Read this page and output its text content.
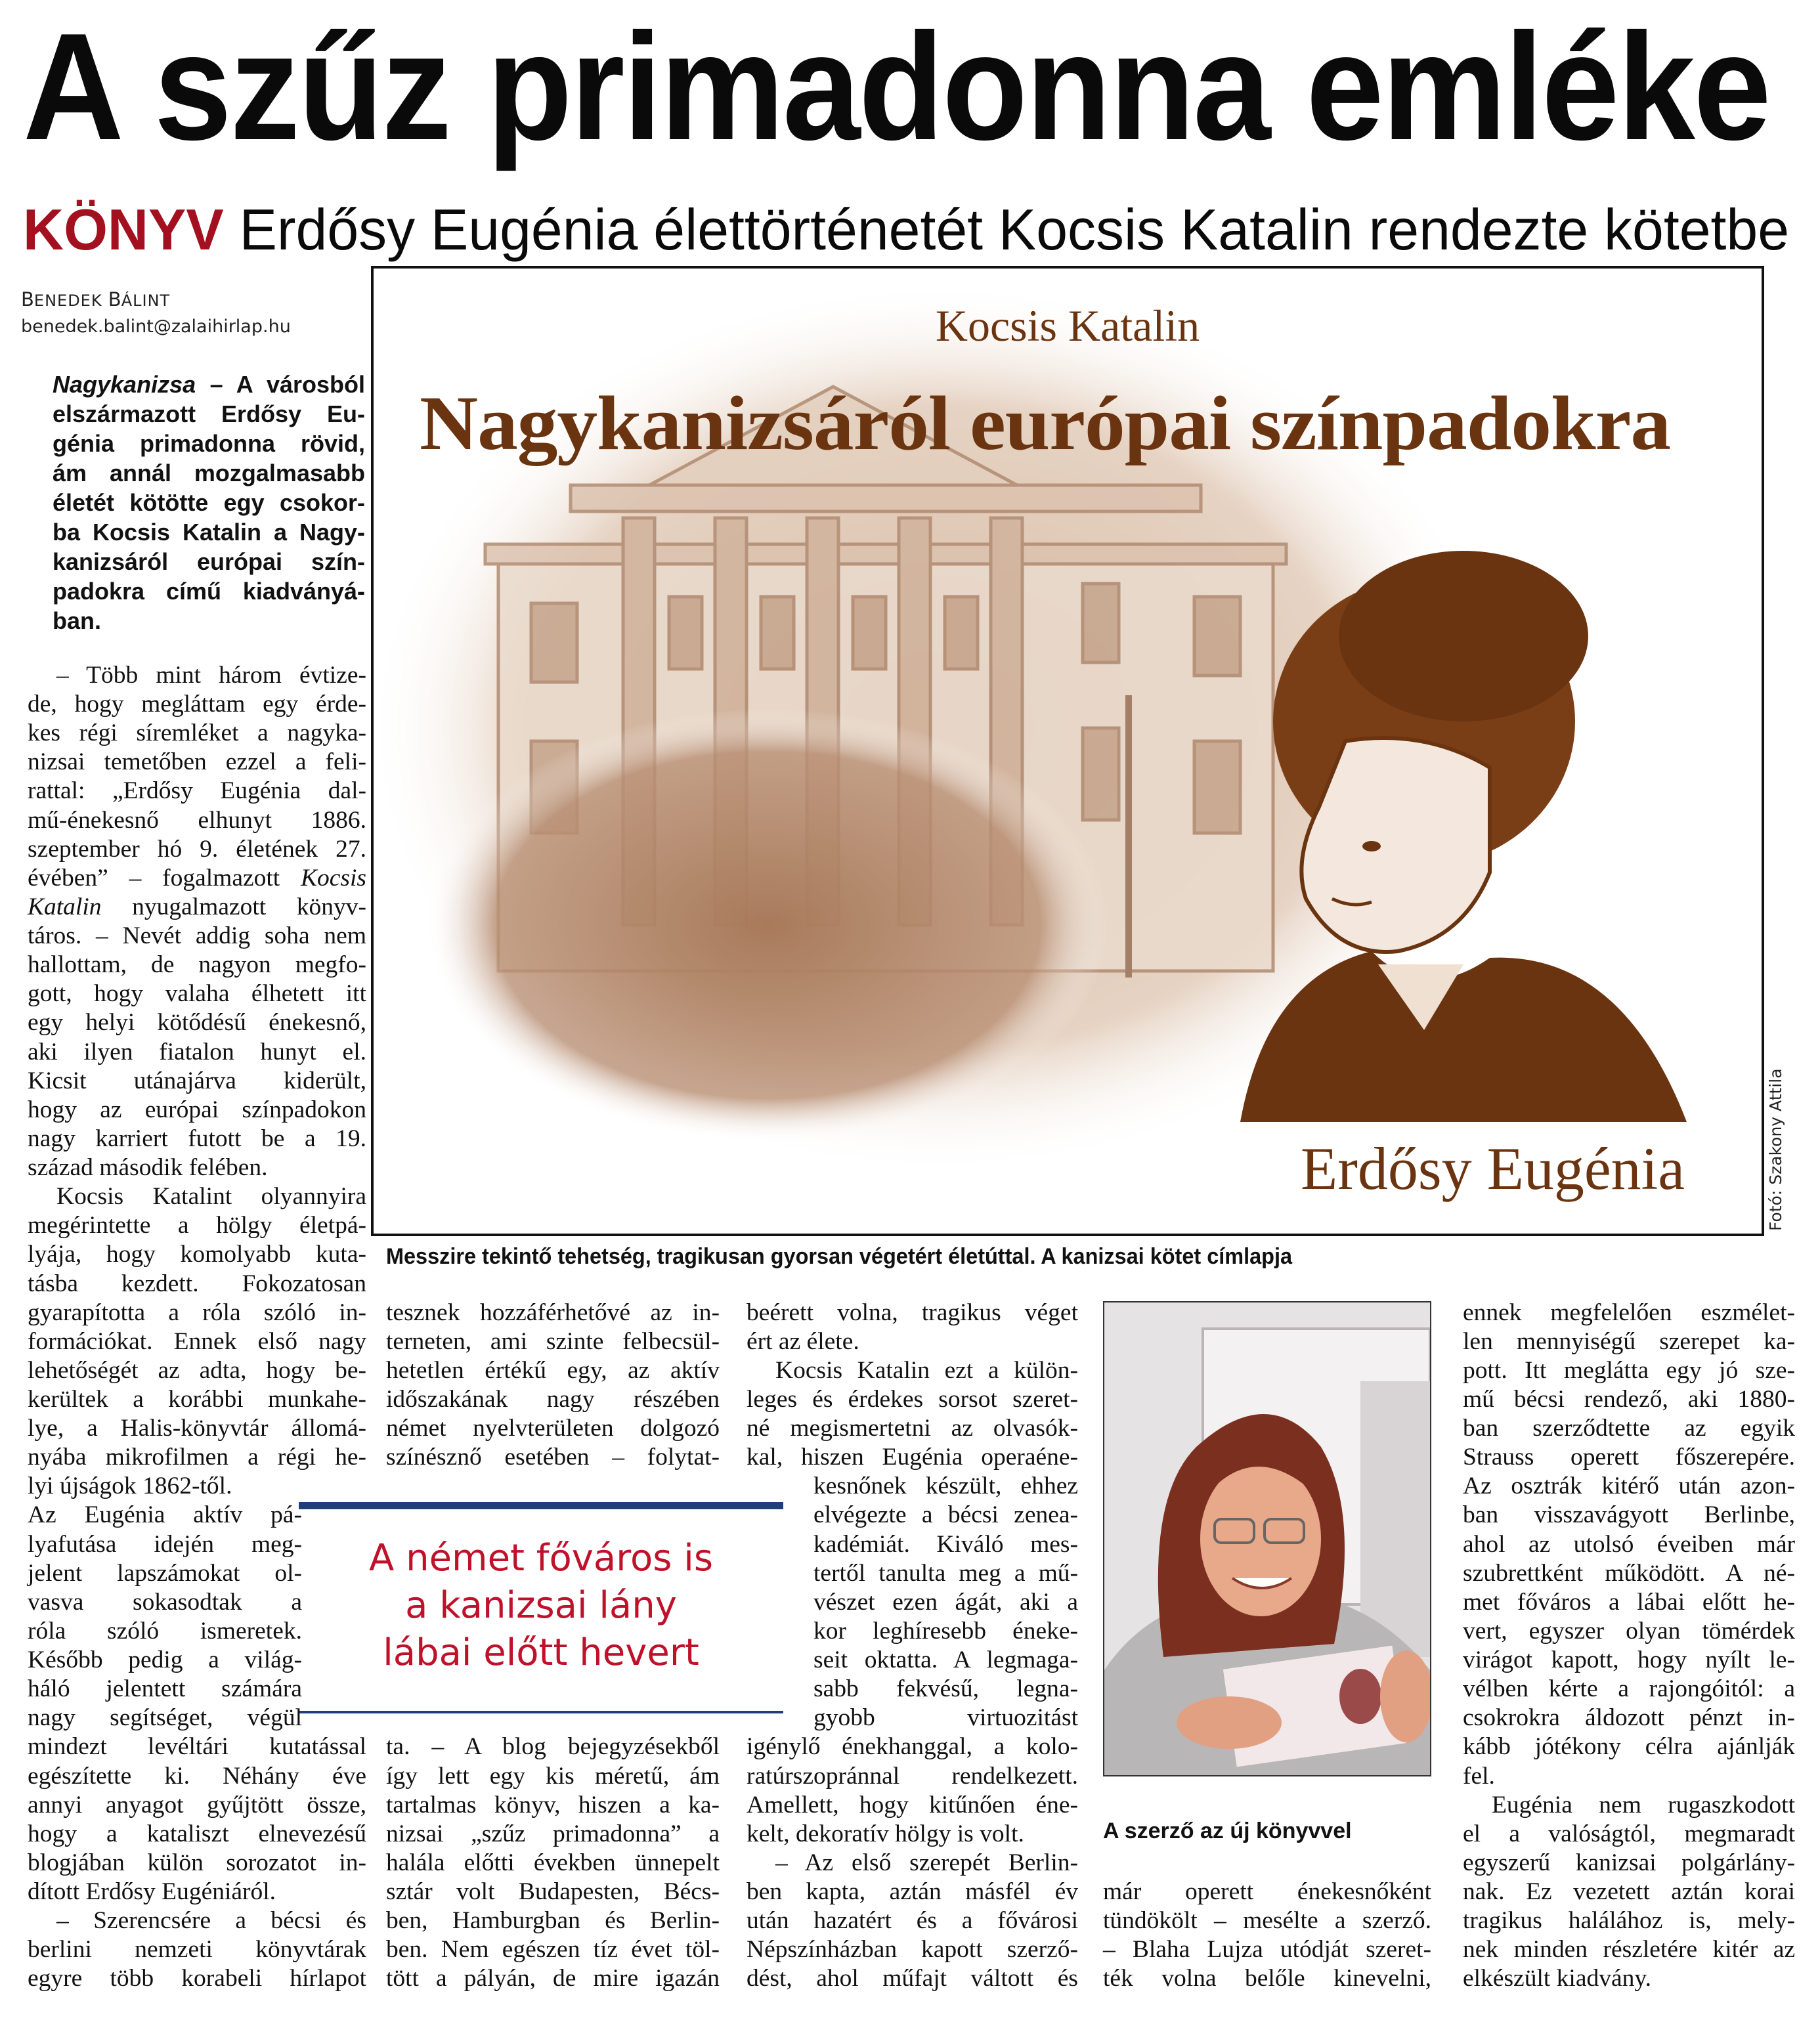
A szűz primadonna emléke
KÖNYV Erdősy Eugénia élettörténetét Kocsis Katalin rendezte kötetbe
BENEDEK BÁLINT
benedek.balint@zalaihirlap.hu
Nagykanizsa – A városból
elszármazott Erdősy Eu-
génia primadonna rövid,
ám annál mozgalmasabb
életét kötötte egy csokor-
ba Kocsis Katalin a Nagy-
kanizsáról európai szín-
padokra című kiadványá-
ban.
Kocsis Katalin
Nagykanizsáról európai színpadokra
Erdősy Eugénia
Messzire tekintő tehetség, tragikusan gyorsan végetért életúttal. A kanizsai kötet címlapja
Fotó: Szakony Attila
A német főváros is
a kanizsai lány
lábai előtt hevert
A szerző az új könyvvel
– Több mint három évtize-
de, hogy megláttam egy érde-
kes régi síremléket a nagyka-
nizsai temetőben ezzel a feli-
rattal: „Erdősy Eugénia dal-
mű-énekesnő elhunyt 1886.
szeptember hó 9. életének 27.
évében” – fogalmazott Kocsis
Katalin nyugalmazott könyv-
táros. – Nevét addig soha nem
hallottam, de nagyon megfo-
gott, hogy valaha élhetett itt
egy helyi kötődésű énekesnő,
aki ilyen fiatalon hunyt el.
Kicsit utánajárva kiderült,
hogy az európai színpadokon
nagy karriert futott be a 19.
század második felében.
Kocsis Katalint olyannyira
megérintette a hölgy életpá-
lyája, hogy komolyabb kuta-
tásba kezdett. Fokozatosan
gyarapította a róla szóló in-
formációkat. Ennek első nagy
lehetőségét az adta, hogy be-
kerültek a korábbi munkahe-
lye, a Halis-könyvtár állomá-
nyába mikrofilmen a régi he-
lyi újságok 1862-től.
Az Eugénia aktív pá-
lyafutása idején meg-
jelent lapszámokat ol-
vasva sokasodtak a
róla szóló ismeretek.
Később pedig a világ-
háló jelentett számára
nagy segítséget, végül
mindezt levéltári kutatással
egészítette ki. Néhány éve
annyi anyagot gyűjtött össze,
hogy a kataliszt elnevezésű
blogjában külön sorozatot in-
dított Erdősy Eugéniáról.
– Szerencsére a bécsi és
berlini nemzeti könyvtárak
egyre több korabeli hírlapot
tesznek hozzáférhetővé az in-
terneten, ami szinte felbecsül-
hetetlen értékű egy, az aktív
időszakának nagy részében
német nyelvterületen dolgozó
színésznő esetében – folytat-
ta. – A blog bejegyzésekből
így lett egy kis méretű, ám
tartalmas könyv, hiszen a ka-
nizsai „szűz primadonna” a
halála előtti években ünnepelt
sztár volt Budapesten, Bécs-
ben, Hamburgban és Berlin-
ben. Nem egészen tíz évet töl-
tött a pályán, de mire igazán
beérett volna, tragikus véget
ért az élete.
Kocsis Katalin ezt a külön-
leges és érdekes sorsot szeret-
né megismertetni az olvasók-
kal, hiszen Eugénia operaéne-
kesnőnek készült, ehhez
elvégezte a bécsi zenea-
kadémiát. Kiváló mes-
tertől tanulta meg a mű-
vészet ezen ágát, aki a
kor leghíresebb éneke-
seit oktatta. A legmaga-
sabb fekvésű, legna-
gyobb virtuozitást
igénylő énekhanggal, a kolo-
ratúrszopránnal rendelkezett.
Amellett, hogy kitűnően éne-
kelt, dekoratív hölgy is volt.
– Az első szerepét Berlin-
ben kapta, aztán másfél év
után hazatért és a fővárosi
Népszínházban kapott szerző-
dést, ahol műfajt váltott és
már operett énekesnőként
tündökölt – mesélte a szerző.
– Blaha Lujza utódját szeret-
ték volna belőle kinevelni,
ennek megfelelően eszmélet-
len mennyiségű szerepet ka-
pott. Itt meglátta egy jó sze-
mű bécsi rendező, aki 1880-
ban szerződtette az egyik
Strauss operett főszerepére.
Az osztrák kitérő után azon-
ban visszavágyott Berlinbe,
ahol az utolsó éveiben már
szubrettként működött. A né-
met főváros a lábai előtt he-
vert, egyszer olyan tömérdek
virágot kapott, hogy nyílt le-
vélben kérte a rajongóitól: a
csokrokra áldozott pénzt in-
kább jótékony célra ajánlják
fel.
Eugénia nem rugaszkodott
el a valóságtól, megmaradt
egyszerű kanizsai polgárlány-
nak. Ez vezetett aztán korai
tragikus halálához is, mely-
nek minden részletére kitér az
elkészült kiadvány.
